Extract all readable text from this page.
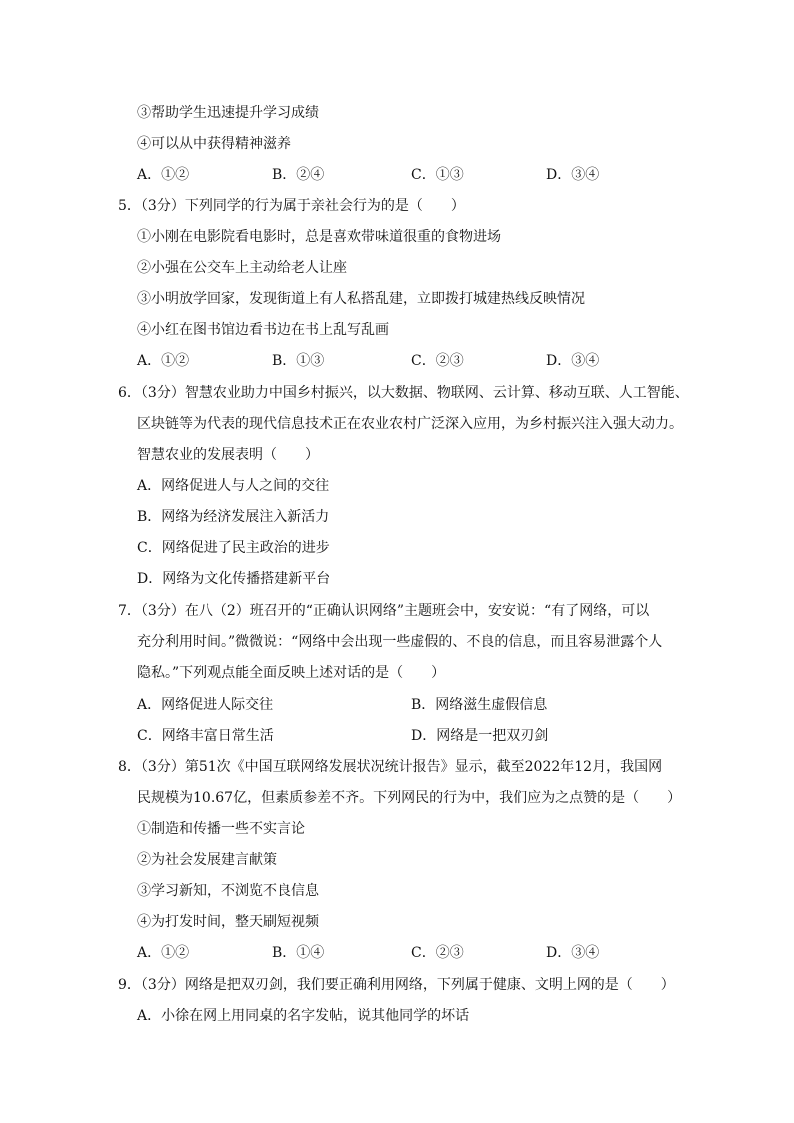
③帮助学生迅速提升学习成绩
④可以从中获得精神滋养
A．①②	B．②④	C．①③	D．③④
5．（3分）下列同学的行为属于亲社会行为的是（　　）
①小刚在电影院看电影时，总是喜欢带味道很重的食物进场
②小强在公交车上主动给老人让座
③小明放学回家，发现街道上有人私搭乱建，立即拨打城建热线反映情况
④小红在图书馆边看书边在书上乱写乱画
A．①②	B．①③	C．②③	D．③④
6．（3分）智慧农业助力中国乡村振兴，以大数据、物联网、云计算、移动互联、人工智能、
区块链等为代表的现代信息技术正在农业农村广泛深入应用，为乡村振兴注入强大动力。
智慧农业的发展表明（　　）
A．网络促进人与人之间的交往
B．网络为经济发展注入新活力
C．网络促进了民主政治的进步
D．网络为文化传播搭建新平台
7．（3分）在八（2）班召开的“正确认识网络”主题班会中，安安说：“有了网络，可以
充分利用时间。”微微说：“网络中会出现一些虚假的、不良的信息，而且容易泄露个人
隐私。”下列观点能全面反映上述对话的是（　　）
A．网络促进人际交往	B．网络滋生虚假信息
C．网络丰富日常生活	D．网络是一把双刃剑
8．（3分）第51次《中国互联网络发展状况统计报告》显示，截至2022年12月，我国网
民规模为10.67亿，但素质参差不齐。下列网民的行为中，我们应为之点赞的是（　　）
①制造和传播一些不实言论
②为社会发展建言献策
③学习新知，不浏览不良信息
④为打发时间，整天刷短视频
A．①②	B．①④	C．②③	D．③④
9．（3分）网络是把双刃剑，我们要正确利用网络，下列属于健康、文明上网的是（　　）
A．小徐在网上用同桌的名字发帖，说其他同学的坏话
